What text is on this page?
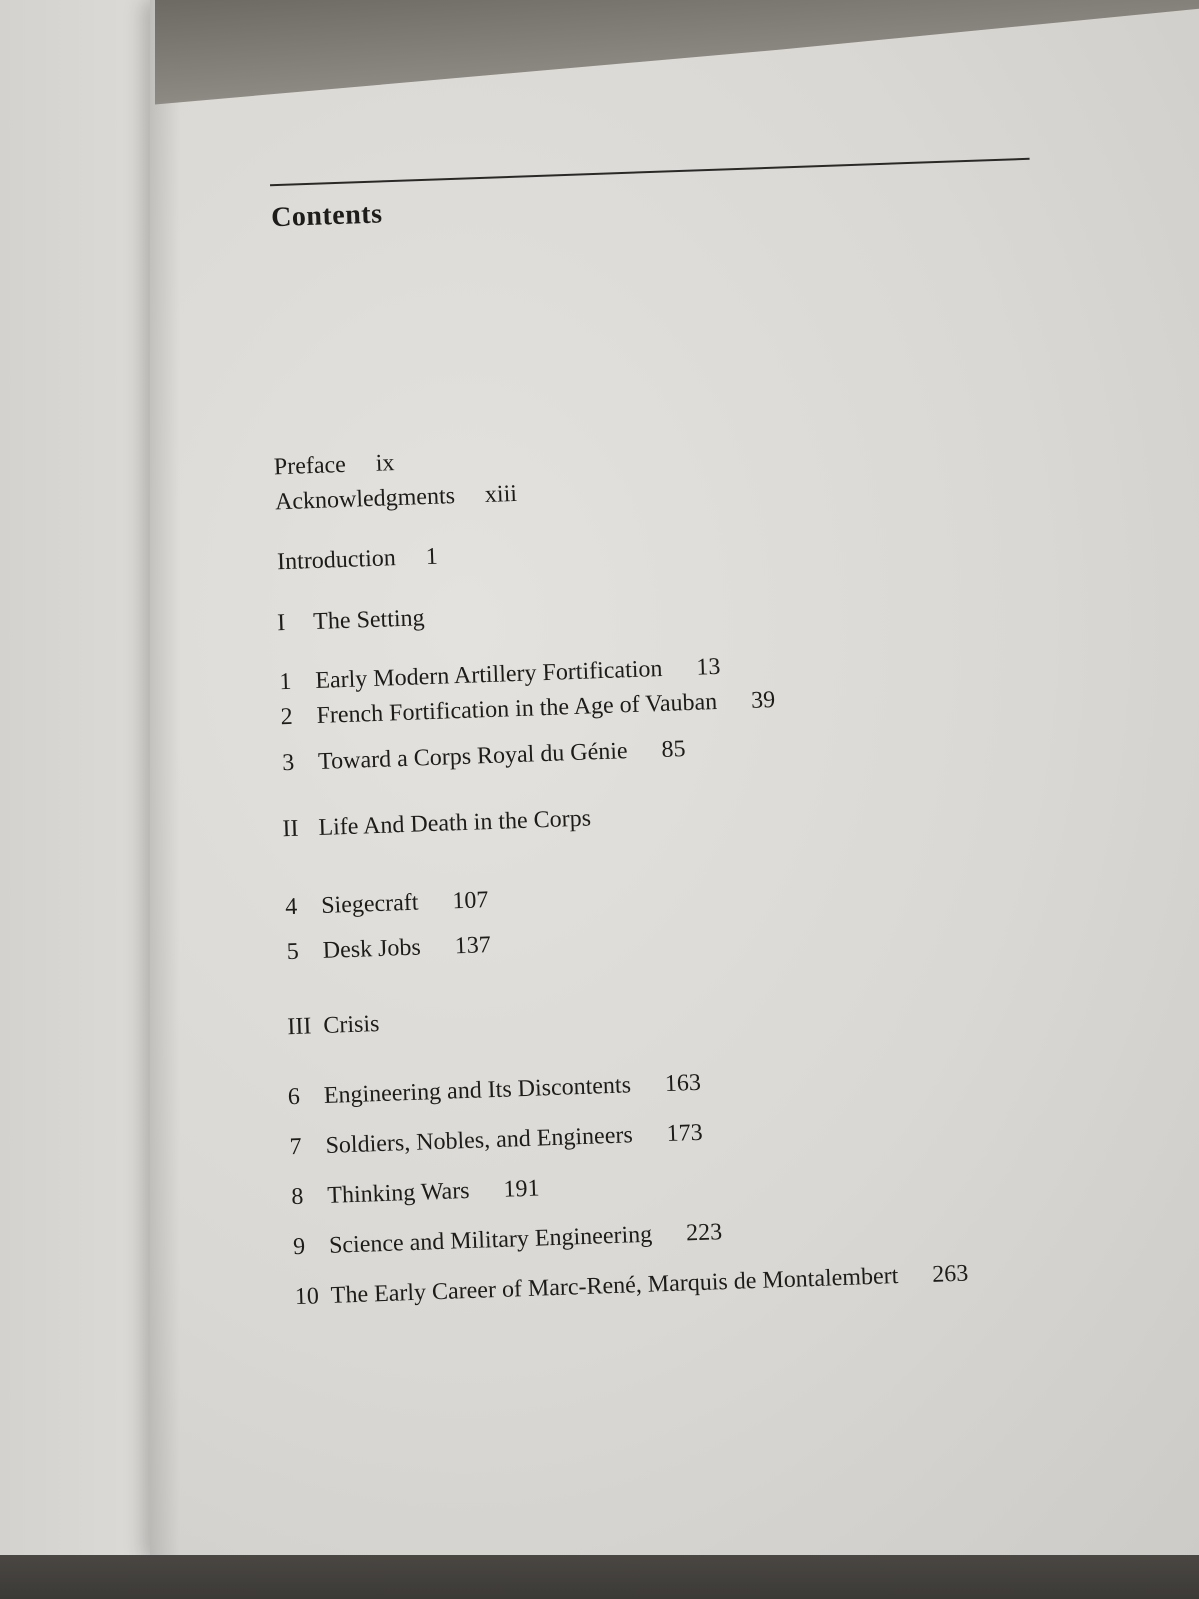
Contents
Preface ix
Acknowledgments xiii
Introduction 1
I The Setting
1 Early Modern Artillery Fortification 13
2 French Fortification in the Age of Vauban 39
3 Toward a Corps Royal du Génie 85
II Life And Death in the Corps
4 Siegecraft 107
5 Desk Jobs 137
III Crisis
6 Engineering and Its Discontents 163
7 Soldiers, Nobles, and Engineers 173
8 Thinking Wars 191
9 Science and Military Engineering 223
10 The Early Career of Marc-René, Marquis de Montalembert 263
